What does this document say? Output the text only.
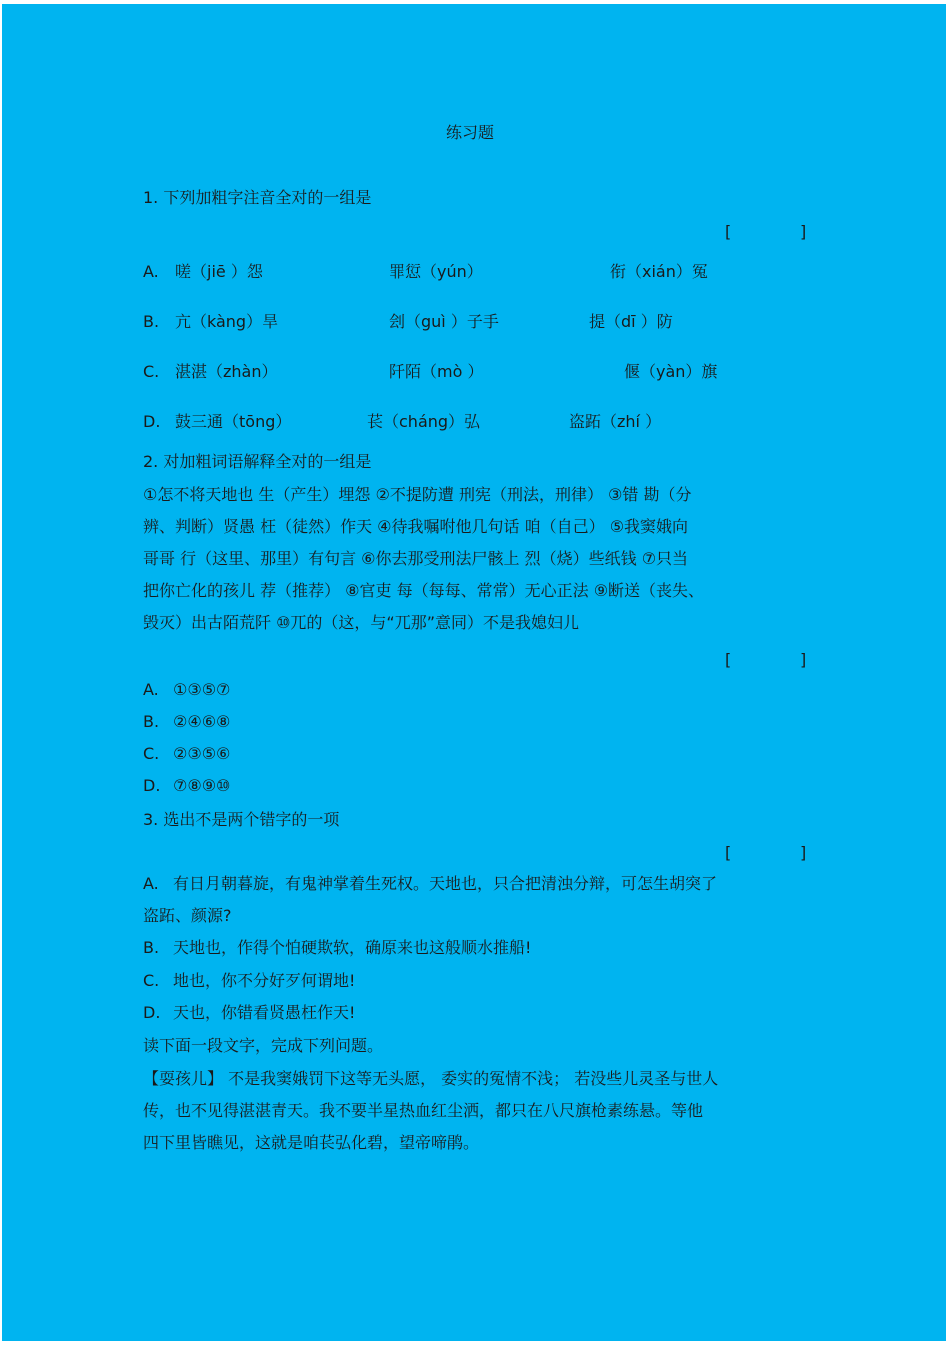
练习题
1. 下列加粗字注音全对的一组是
[	]
A. 嗟（jiē ）怨	罪愆（yún）	衔（xián）冤
B. 亢（kàng）旱	刽（guì ）子手	提（dī ）防
C. 湛湛（zhàn）	阡陌（mò ）	偃（yàn）旗
D. 鼓三通（tōng）	苌（cháng）弘	盗跖（zhí ）
2. 对加粗词语解释全对的一组是
①怎不将天地也 生（产生）埋怨 ②不提防遭 刑宪（刑法，刑律） ③错 勘（分
辨、判断）贤愚 枉（徒然）作天 ④待我嘱咐他几句话 咱（自己） ⑤我窦娥向
哥哥 行（这里、那里）有句言 ⑥你去那受刑法尸骸上 烈（烧）些纸钱 ⑦只当
把你亡化的孩儿 荐（推荐） ⑧官吏 每（每每、常常）无心正法 ⑨断送（丧失、
毁灭）出古陌荒阡 ⑩兀的（这，与“兀那”意同）不是我媳妇儿
[	]
A. ①③⑤⑦
B. ②④⑥⑧
C. ②③⑤⑥
D. ⑦⑧⑨⑩
3. 选出不是两个错字的一项
[	]
A. 有日月朝暮旋，有鬼神掌着生死权。天地也，只合把清浊分辩，可怎生胡突了
盗跖、颜源?
B. 天地也，作得个怕硬欺软，确原来也这般顺水推船!
C. 地也，你不分好歹何谓地!
D. 天也，你错看贤愚枉作天!
读下面一段文字，完成下列问题。
【耍孩儿】 不是我窦娥罚下这等无头愿， 委实的冤情不浅； 若没些儿灵圣与世人
传，也不见得湛湛青天。我不要半星热血红尘洒，都只在八尺旗枪素练悬。等他
四下里皆瞧见，这就是咱苌弘化碧，望帝啼鹃。
